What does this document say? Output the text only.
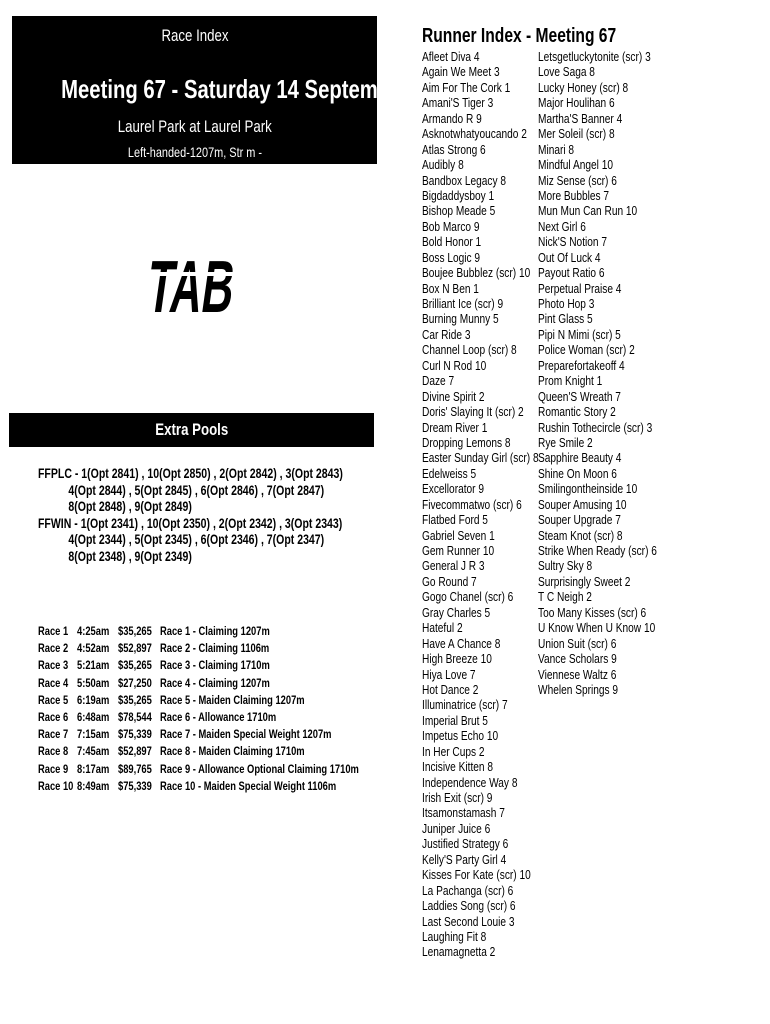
Race Index
Meeting 67 - Saturday 14 September
Laurel Park at Laurel Park
Left-handed-1207m, Str m -
TAB
Extra Pools
FFPLC - 1(Opt 2841) , 10(Opt 2850) , 2(Opt 2842) , 3(Opt 2843)
4(Opt 2844) , 5(Opt 2845) , 6(Opt 2846) , 7(Opt 2847)
8(Opt 2848) , 9(Opt 2849)
FFWIN - 1(Opt 2341) , 10(Opt 2350) , 2(Opt 2342) , 3(Opt 2343)
4(Opt 2344) , 5(Opt 2345) , 6(Opt 2346) , 7(Opt 2347)
8(Opt 2348) , 9(Opt 2349)
Race 1 4:25am $35,265 Race 1 - Claiming 1207m
Race 2 4:52am $52,897 Race 2 - Claiming 1106m
Race 3 5:21am $35,265 Race 3 - Claiming 1710m
Race 4 5:50am $27,250 Race 4 - Claiming 1207m
Race 5 6:19am $35,265 Race 5 - Maiden Claiming 1207m
Race 6 6:48am $78,544 Race 6 - Allowance 1710m
Race 7 7:15am $75,339 Race 7 - Maiden Special Weight 1207m
Race 8 7:45am $52,897 Race 8 - Maiden Claiming 1710m
Race 9 8:17am $89,765 Race 9 - Allowance Optional Claiming 1710m
Race 10 8:49am $75,339 Race 10 - Maiden Special Weight 1106m
Runner Index - Meeting 67
Afleet Diva 4
Again We Meet 3
Aim For The Cork 1
Amani'S Tiger 3
Armando R 9
Asknotwhatyoucando 2
Atlas Strong 6
Audibly 8
Bandbox Legacy 8
Bigdaddysboy 1
Bishop Meade 5
Bob Marco 9
Bold Honor 1
Boss Logic 9
Boujee Bubblez (scr) 10
Box N Ben 1
Brilliant Ice (scr) 9
Burning Munny 5
Car Ride 3
Channel Loop (scr) 8
Curl N Rod 10
Daze 7
Divine Spirit 2
Doris' Slaying It (scr) 2
Dream River 1
Dropping Lemons 8
Easter Sunday Girl (scr) 8
Edelweiss 5
Excellorator 9
Fivecommatwo (scr) 6
Flatbed Ford 5
Gabriel Seven 1
Gem Runner 10
General J R 3
Go Round 7
Gogo Chanel (scr) 6
Gray Charles 5
Hateful 2
Have A Chance 8
High Breeze 10
Hiya Love 7
Hot Dance 2
Illuminatrice (scr) 7
Imperial Brut 5
Impetus Echo 10
In Her Cups 2
Incisive Kitten 8
Independence Way 8
Irish Exit (scr) 9
Itsamonstamash 7
Juniper Juice 6
Justified Strategy 6
Kelly'S Party Girl 4
Kisses For Kate (scr) 10
La Pachanga (scr) 6
Laddies Song (scr) 6
Last Second Louie 3
Laughing Fit 8
Lenamagnetta 2
Letsgetluckytonite (scr) 3
Love Saga 8
Lucky Honey (scr) 8
Major Houlihan 6
Martha'S Banner 4
Mer Soleil (scr) 8
Minari 8
Mindful Angel 10
Miz Sense (scr) 6
More Bubbles 7
Mun Mun Can Run 10
Next Girl 6
Nick'S Notion 7
Out Of Luck 4
Payout Ratio 6
Perpetual Praise 4
Photo Hop 3
Pint Glass 5
Pipi N Mimi (scr) 5
Police Woman (scr) 2
Preparefortakeoff 4
Prom Knight 1
Queen'S Wreath 7
Romantic Story 2
Rushin Tothecircle (scr) 3
Rye Smile 2
Sapphire Beauty 4
Shine On Moon 6
Smilingontheinside 10
Souper Amusing 10
Souper Upgrade 7
Steam Knot (scr) 8
Strike When Ready (scr) 6
Sultry Sky 8
Surprisingly Sweet 2
T C Neigh 2
Too Many Kisses (scr) 6
U Know When U Know 10
Union Suit (scr) 6
Vance Scholars 9
Viennese Waltz 6
Whelen Springs 9
